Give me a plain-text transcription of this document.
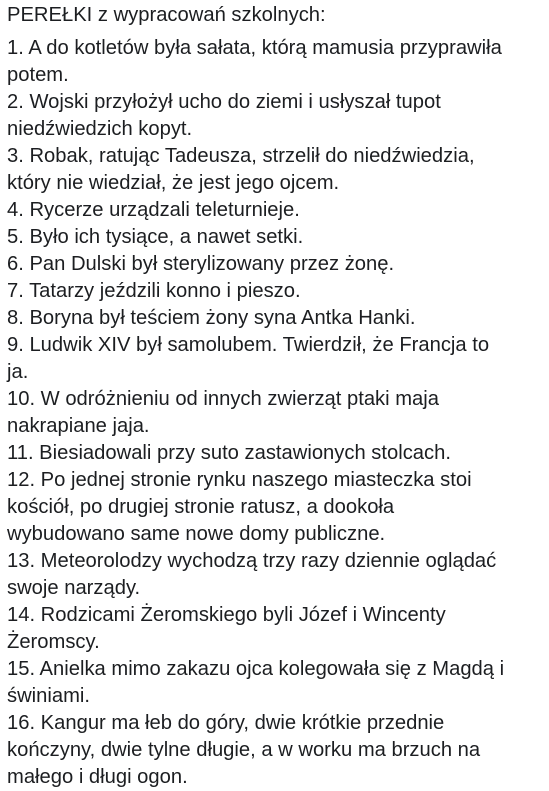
PEREŁKI z wypracowań szkolnych:
1. A do kotletów była sałata, którą mamusia przyprawiła
potem.
2. Wojski przyłożył ucho do ziemi i usłyszał tupot
niedźwiedzich kopyt.
3. Robak, ratując Tadeusza, strzelił do niedźwiedzia,
który nie wiedział, że jest jego ojcem.
4. Rycerze urządzali teleturnieje.
5. Było ich tysiące, a nawet setki.
6. Pan Dulski był sterylizowany przez żonę.
7. Tatarzy jeździli konno i pieszo.
8. Boryna był teściem żony syna Antka Hanki.
9. Ludwik XIV był samolubem. Twierdził, że Francja to
ja.
10. W odróżnieniu od innych zwierząt ptaki maja
nakrapiane jaja.
11. Biesiadowali przy suto zastawionych stolcach.
12. Po jednej stronie rynku naszego miasteczka stoi
kościół, po drugiej stronie ratusz, a dookoła
wybudowano same nowe domy publiczne.
13. Meteorolodzy wychodzą trzy razy dziennie oglądać
swoje narządy.
14. Rodzicami Żeromskiego byli Józef i Wincenty
Żeromscy.
15. Anielka mimo zakazu ojca kolegowała się z Magdą i
świniami.
16. Kangur ma łeb do góry, dwie krótkie przednie
kończyny, dwie tylne długie, a w worku ma brzuch na
małego i długi ogon.
